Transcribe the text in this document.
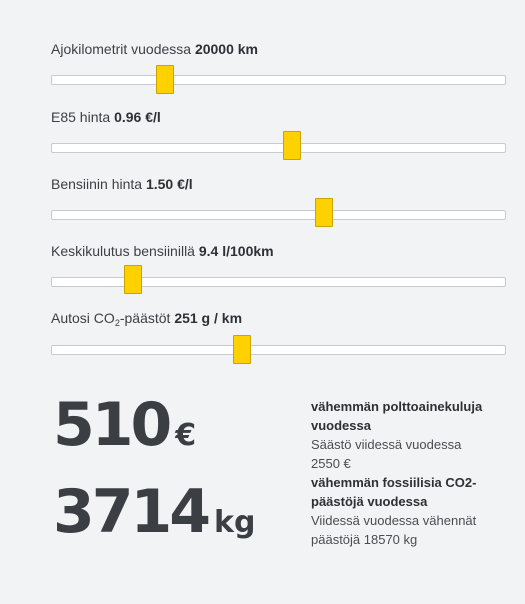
Ajokilometrit vuodessa 20000 km
E85 hinta 0.96 €/l
Bensiinin hinta 1.50 €/l
Keskikulutus bensiinillä 9.4 l/100km
Autosi $CO_2$-päästöt 251 g / km
510 €
3714 kg
vähemmän polttoainekuluja vuodessa
Säästö viidessä vuodessa
2550 €
vähemmän fossiilisia CO2-päästöjä vuodessa
Viidessä vuodessa vähennät päästöjä 18570 kg
